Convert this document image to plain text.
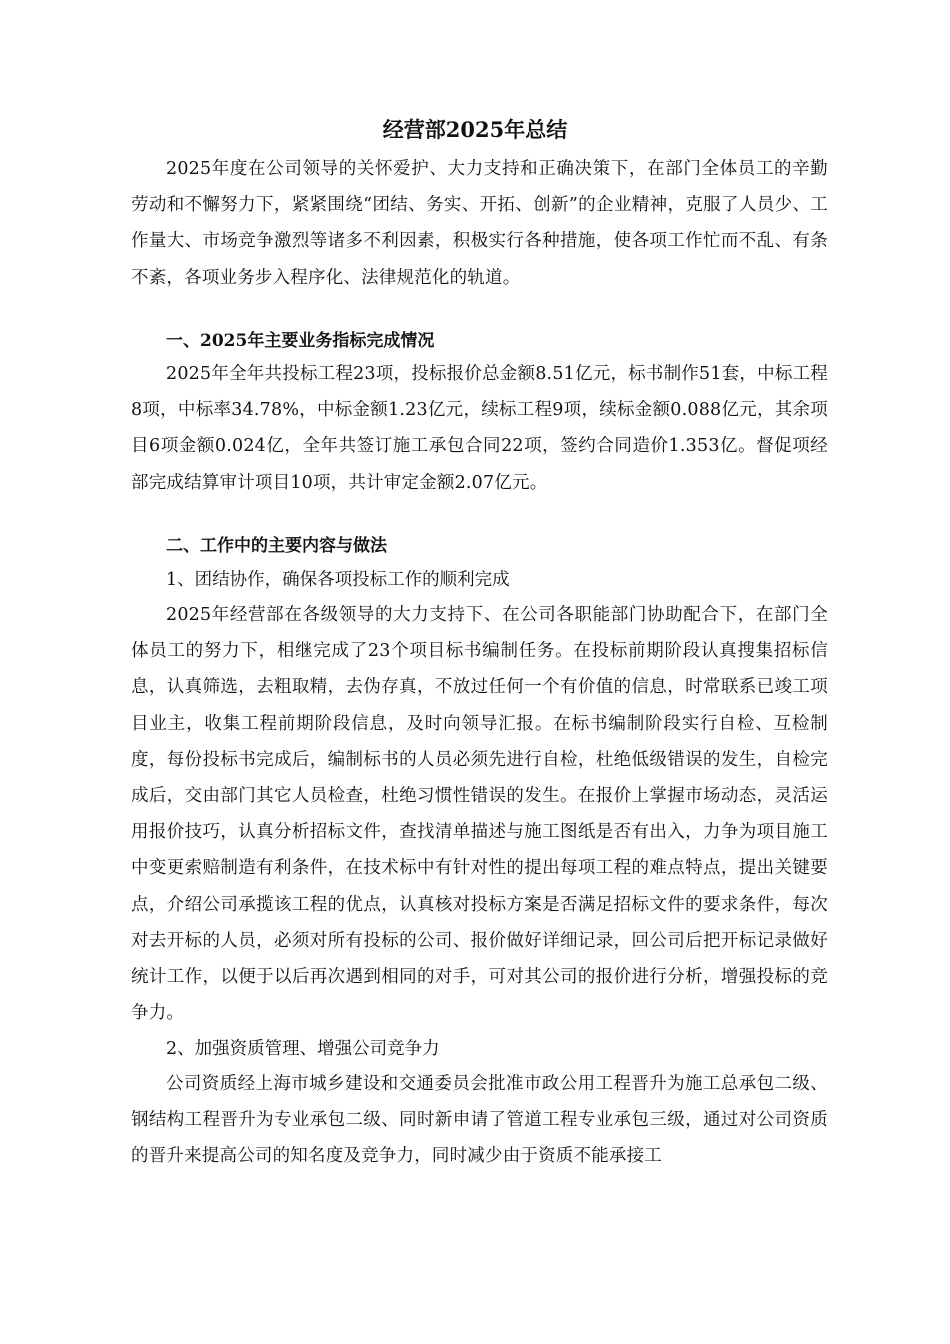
经营部2025年总结

2025年度在公司领导的关怀爱护、大力支持和正确决策下，在部门全体员工的辛勤劳动和不懈努力下，紧紧围绕“团结、务实、开拓、创新”的企业精神，克服了人员少、工作量大、市场竞争激烈等诸多不利因素，积极实行各种措施，使各项工作忙而不乱、有条不紊，各项业务步入程序化、法律规范化的轨道。

一、2025年主要业务指标完成情况

2025年全年共投标工程23项，投标报价总金额8.51亿元，标书制作51套，中标工程8项，中标率34.78%，中标金额1.23亿元，续标工程9项，续标金额0.088亿元，其余项目6项金额0.024亿，全年共签订施工承包合同22项，签约合同造价1.353亿。督促项经部完成结算审计项目10项，共计审定金额2.07亿元。

二、工作中的主要内容与做法

1、团结协作，确保各项投标工作的顺利完成

2025年经营部在各级领导的大力支持下、在公司各职能部门协助配合下，在部门全体员工的努力下，相继完成了23个项目标书编制任务。在投标前期阶段认真搜集招标信息，认真筛选，去粗取精，去伪存真，不放过任何一个有价值的信息，时常联系已竣工项目业主，收集工程前期阶段信息，及时向领导汇报。在标书编制阶段实行自检、互检制度，每份投标书完成后，编制标书的人员必须先进行自检，杜绝低级错误的发生，自检完成后，交由部门其它人员检查，杜绝习惯性错误的发生。在报价上掌握市场动态，灵活运用报价技巧，认真分析招标文件，查找清单描述与施工图纸是否有出入，力争为项目施工中变更索赔制造有利条件，在技术标中有针对性的提出每项工程的难点特点，提出关键要点，介绍公司承揽该工程的优点，认真核对投标方案是否满足招标文件的要求条件，每次对去开标的人员，必须对所有投标的公司、报价做好详细记录，回公司后把开标记录做好统计工作，以便于以后再次遇到相同的对手，可对其公司的报价进行分析，增强投标的竞争力。

2、加强资质管理、增强公司竞争力

公司资质经上海市城乡建设和交通委员会批准市政公用工程晋升为施工总承包二级、钢结构工程晋升为专业承包二级、同时新申请了管道工程专业承包三级，通过对公司资质的晋升来提高公司的知名度及竞争力，同时减少由于资质不能承接工
